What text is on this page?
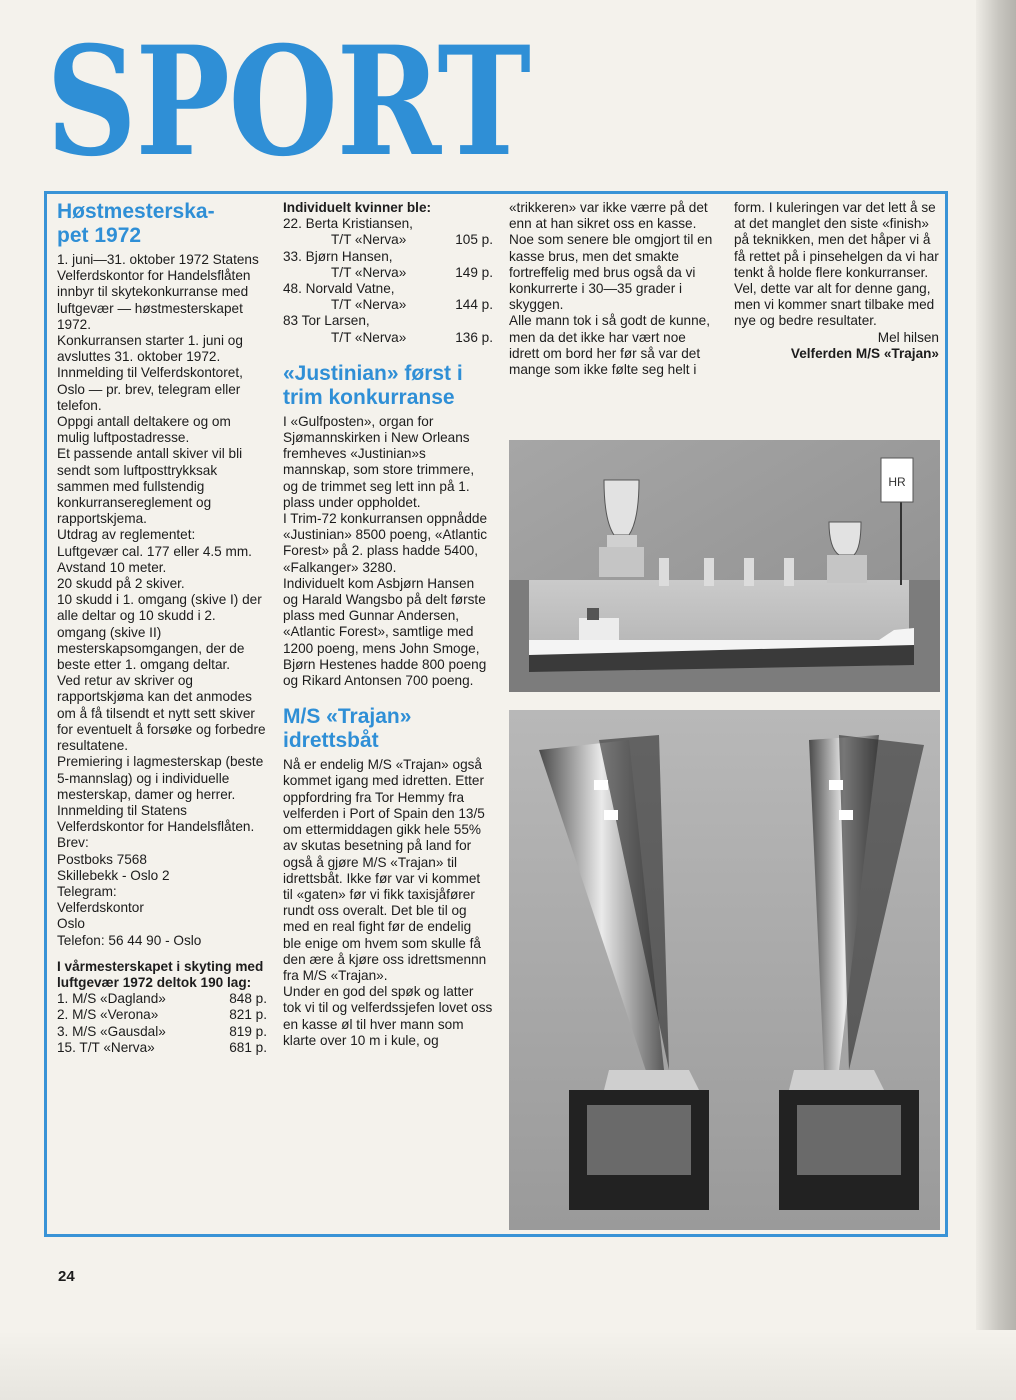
SPORT
Høstmesterska-
pet 1972

1. juni—31. oktober 1972 Statens Velferdskontor for Handelsflåten innbyr til skytekonkurranse med luftgevær — høstmesterskapet 1972.

Konkurransen starter 1. juni og avsluttes 31. oktober 1972.

Innmelding til Velferdskontoret, Oslo — pr. brev, telegram eller telefon.

Oppgi antall deltakere og om mulig luftpostadresse.

Et passende antall skiver vil bli sendt som luftposttrykksak sammen med fullstendig konkurransereglement og rapportskjema.

Utdrag av reglementet:

Luftgevær cal. 177 eller 4.5 mm.

Avstand 10 meter.

20 skudd på 2 skiver.

10 skudd i 1. omgang (skive I) der alle deltar og 10 skudd i 2. omgang (skive II) mesterskapsomgangen, der de beste etter 1. omgang deltar.

Ved retur av skriver og rapportskjøma kan det anmodes om å få tilsendt et nytt sett skiver for eventuelt å forsøke og forbedre resultatene.

Premiering i lagmesterskap (beste 5-mannslag) og i individuelle mesterskap, damer og herrer.

Innmelding til Statens Velferdskontor for Handelsflåten.

Brev:

Postboks 7568

Skillebekk - Oslo 2

Telegram:

Velferdskontor

Oslo

Telefon: 56 44 90 - Oslo

I vårmesterskapet i skyting med luftgevær 1972 deltok 190 lag:

1. M/S «Dagland»	848 p.
2. M/S «Verona»	821 p.
3. M/S «Gausdal»	819 p.
15. T/T «Nerva»	681 p.

Individuelt kvinner ble:

22. Berta Kristiansen,

T/T «Nerva»	105 p.

33. Bjørn Hansen,

T/T «Nerva»	149 p.

48. Norvald Vatne,

T/T «Nerva»	144 p.

83 Tor Larsen,

T/T «Nerva»	136 p.
«Justinian» først i trim konkurranse

I «Gulfposten», organ for Sjømannskirken i New Orleans fremheves «Justinian»s mannskap, som store trimmere, og de trimmet seg lett inn på 1. plass under oppholdet.

I Trim-72 konkurransen oppnådde «Justinian» 8500 poeng, «Atlantic Forest» på 2. plass hadde 5400, «Falkanger» 3280.

Individuelt kom Asbjørn Hansen og Harald Wangsbo på delt første plass med Gunnar Andersen, «Atlantic Forest», samtlige med 1200 poeng, mens John Smoge, Bjørn Hestenes hadde 800 poeng og Rikard Antonsen 700 poeng.

M/S «Trajan» idrettsbåt

Nå er endelig M/S «Trajan» også kommet igang med idretten. Etter oppfordring fra Tor Hemmy fra velferden i Port of Spain den 13/5 om ettermiddagen gikk hele 55% av skutas besetning på land for også å gjøre M/S «Trajan» til idrettsbåt. Ikke før var vi kommet til «gaten» før vi fikk taxisjåfører rundt oss overalt. Det ble til og med en real fight før de endelig ble enige om hvem som skulle få den ære å kjøre oss idrettsmennn fra M/S «Trajan».

Under en god del spøk og latter tok vi til og velferdssjefen lovet oss en kasse øl til hver mann som klarte over 10 m i kule, og

«trikkeren» var ikke værre på det enn at han sikret oss en kasse. Noe som senere ble omgjort til en kasse brus, men det smakte fortreffelig med brus også da vi konkurrerte i 30—35 grader i skyggen.

Alle mann tok i så godt de kunne, men da det ikke har vært noe idrett om bord her før så var det mange som ikke følte seg helt i

form. I kuleringen var det lett å se at det manglet den siste «finish» på teknikken, men det håper vi å få rettet på i pinsehelgen da vi har tenkt å holde flere konkurranser.

Vel, dette var alt for denne gang, men vi kommer snart tilbake med nye og bedre resultater.

Mel hilsen

Velferden M/S «Trajan»

HR
24
